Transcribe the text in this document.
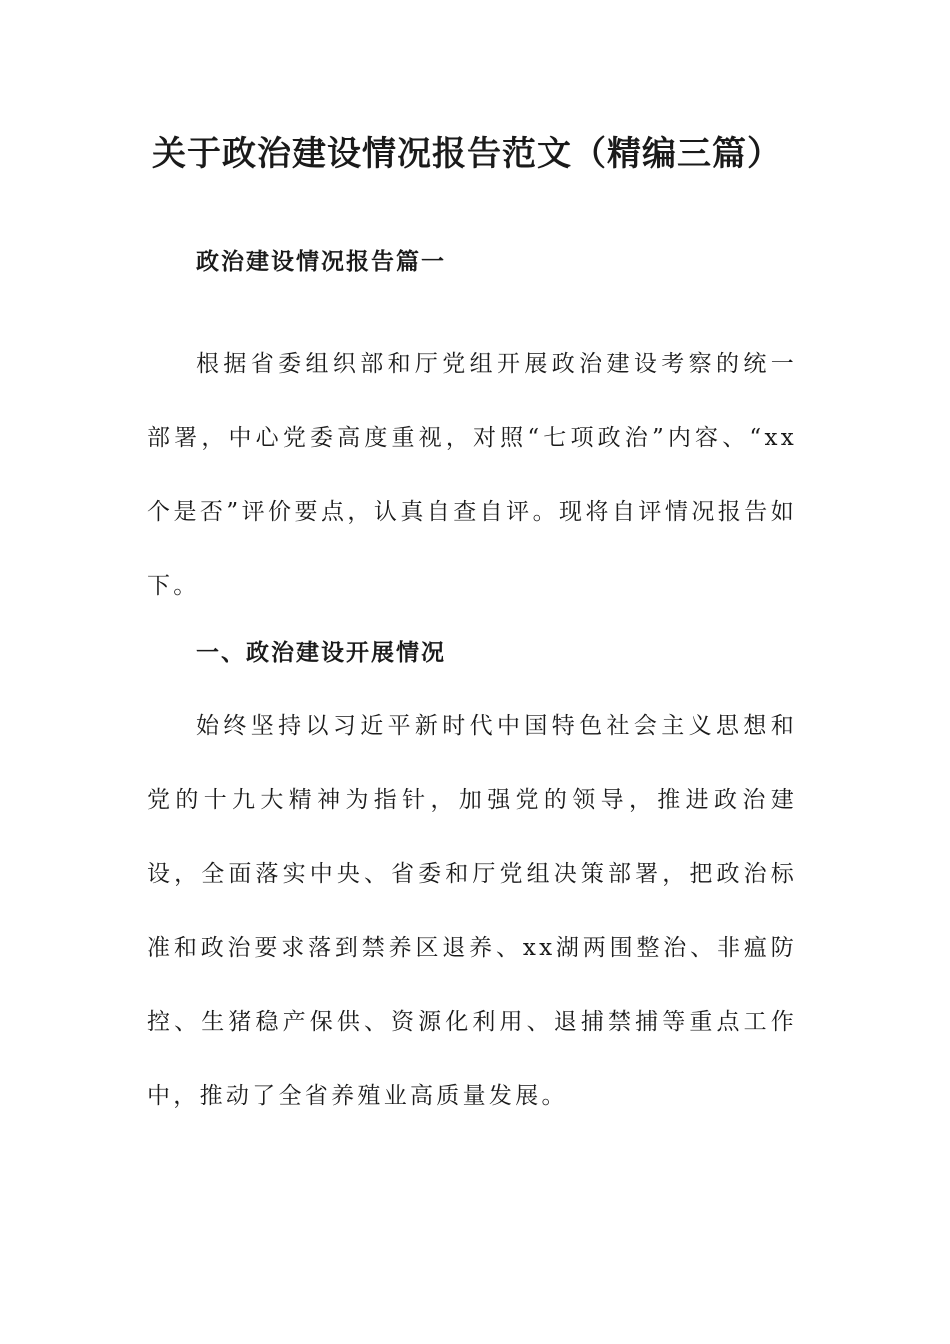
关于政治建设情况报告范文（精编三篇）
政治建设情况报告篇一

根据省委组织部和厅党组开展政治建设考察的统一部署，中心党委高度重视，对照“七项政治”内容、“xx个是否”评价要点，认真自查自评。现将自评情况报告如下。

一、政治建设开展情况

始终坚持以习近平新时代中国特色社会主义思想和党的十九大精神为指针，加强党的领导，推进政治建设，全面落实中央、省委和厅党组决策部署，把政治标准和政治要求落到禁养区退养、xx湖两围整治、非瘟防控、生猪稳产保供、资源化利用、退捕禁捕等重点工作中，推动了全省养殖业高质量发展。
